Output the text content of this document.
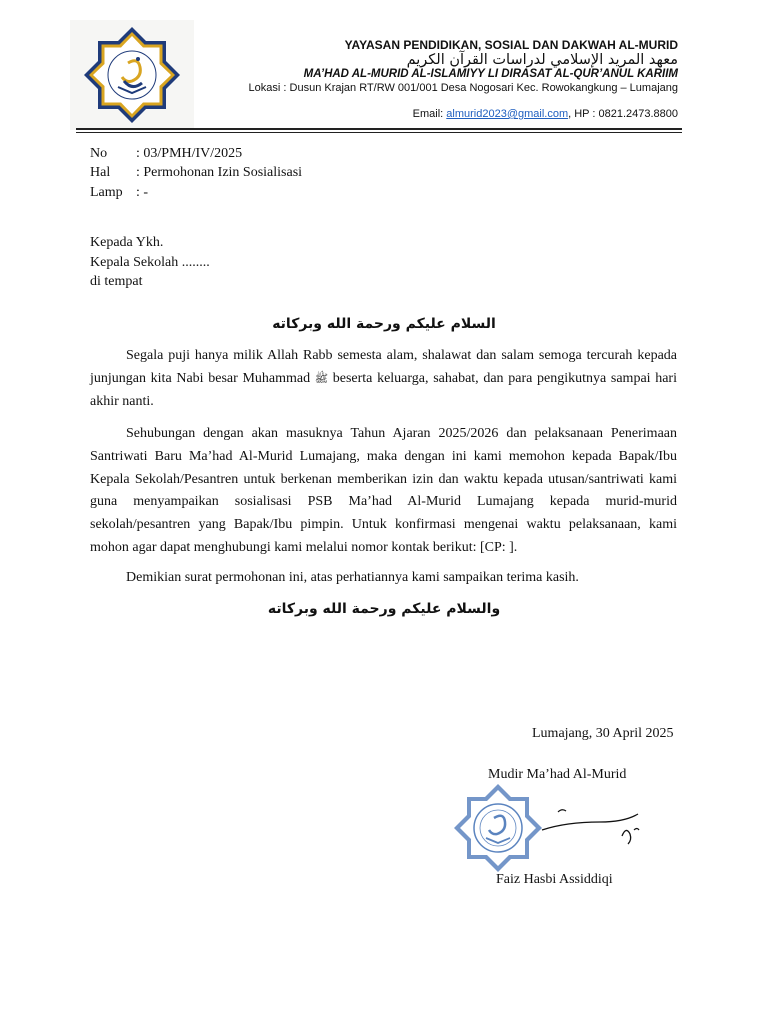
YAYASAN PENDIDIKAN, SOSIAL DAN DAKWAH AL-MURID
معهد المريد الإسلامي لدراسات القرآن الكريم
MA’HAD AL-MURID AL-ISLAMIYY LI DIRASAT AL-QUR’ANUL KARIIM
Lokasi : Dusun Krajan RT/RW 001/001 Desa Nogosari Kec. Rowokangkung – Lumajang
Email: almurid2023@gmail.com, HP : 0821.2473.8800
No : 03/PMH/IV/2025
Hal : Permohonan Izin Sosialisasi
Lamp : -
Kepada Ykh.
Kepala Sekolah ........
di tempat
السلام عليكم ورحمة الله وبركاته
Segala puji hanya milik Allah Rabb semesta alam, shalawat dan salam semoga tercurah kepada junjungan kita Nabi besar Muhammad ﷺ beserta keluarga, sahabat, dan para pengikutnya sampai hari akhir nanti.
Sehubungan dengan akan masuknya Tahun Ajaran 2025/2026 dan pelaksanaan Penerimaan Santriwati Baru Ma’had Al-Murid Lumajang, maka dengan ini kami memohon kepada Bapak/Ibu Kepala Sekolah/Pesantren untuk berkenan memberikan izin dan waktu kepada utusan/santriwati kami guna menyampaikan sosialisasi PSB Ma’had Al-Murid Lumajang kepada murid-murid sekolah/pesantren yang Bapak/Ibu pimpin. Untuk konfirmasi mengenai waktu pelaksanaan, kami mohon agar dapat menghubungi kami melalui nomor kontak berikut: [CP: ].
Demikian surat permohonan ini, atas perhatiannya kami sampaikan terima kasih.
والسلام عليكم ورحمة الله وبركاته
Lumajang, 30 April 2025
Mudir Ma’had Al-Murid
Faiz Hasbi Assiddiqi
